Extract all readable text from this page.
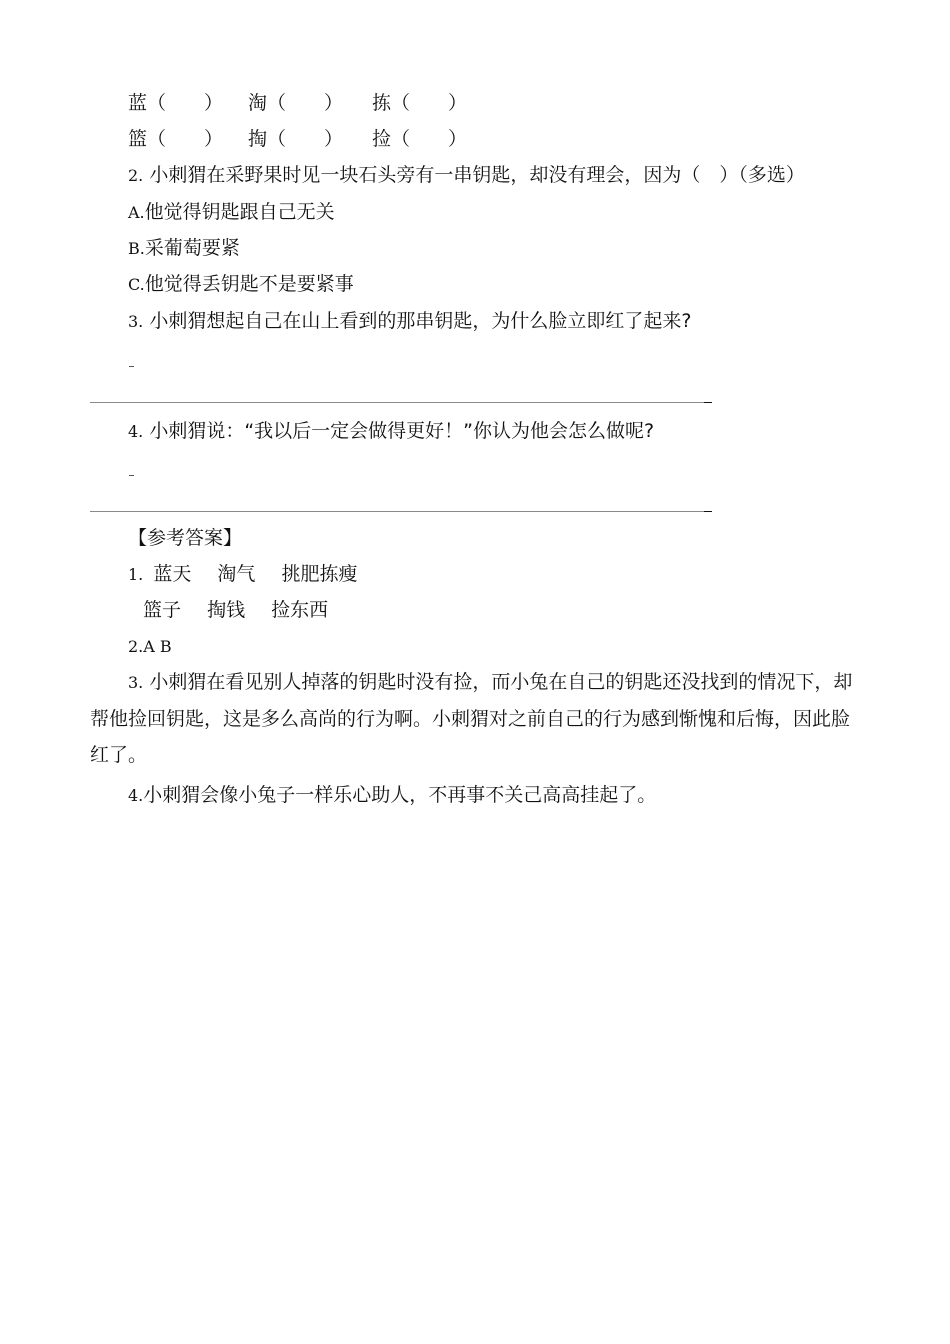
蓝（　　） 淘（　　） 拣（　　）
篮（　　） 掏（　　） 捡（　　）
2. 小刺猬在采野果时见一块石头旁有一串钥匙，却没有理会，因为（　）（多选）
A.他觉得钥匙跟自己无关
B.采葡萄要紧
C.他觉得丢钥匙不是要紧事
3. 小刺猬想起自己在山上看到的那串钥匙，为什么脸立即红了起来?
4. 小刺猬说：“我以后一定会做得更好！”你认为他会怎么做呢?
【参考答案】
1. 蓝天 淘气 挑肥拣瘦
篮子 掏钱 捡东西
2.A B
3. 小刺猬在看见别人掉落的钥匙时没有捡，而小兔在自己的钥匙还没找到的情况下，却帮他捡回钥匙，这是多么高尚的行为啊。小刺猬对之前自己的行为感到惭愧和后悔，因此脸红了。
4.小刺猬会像小兔子一样乐心助人，不再事不关己高高挂起了。
